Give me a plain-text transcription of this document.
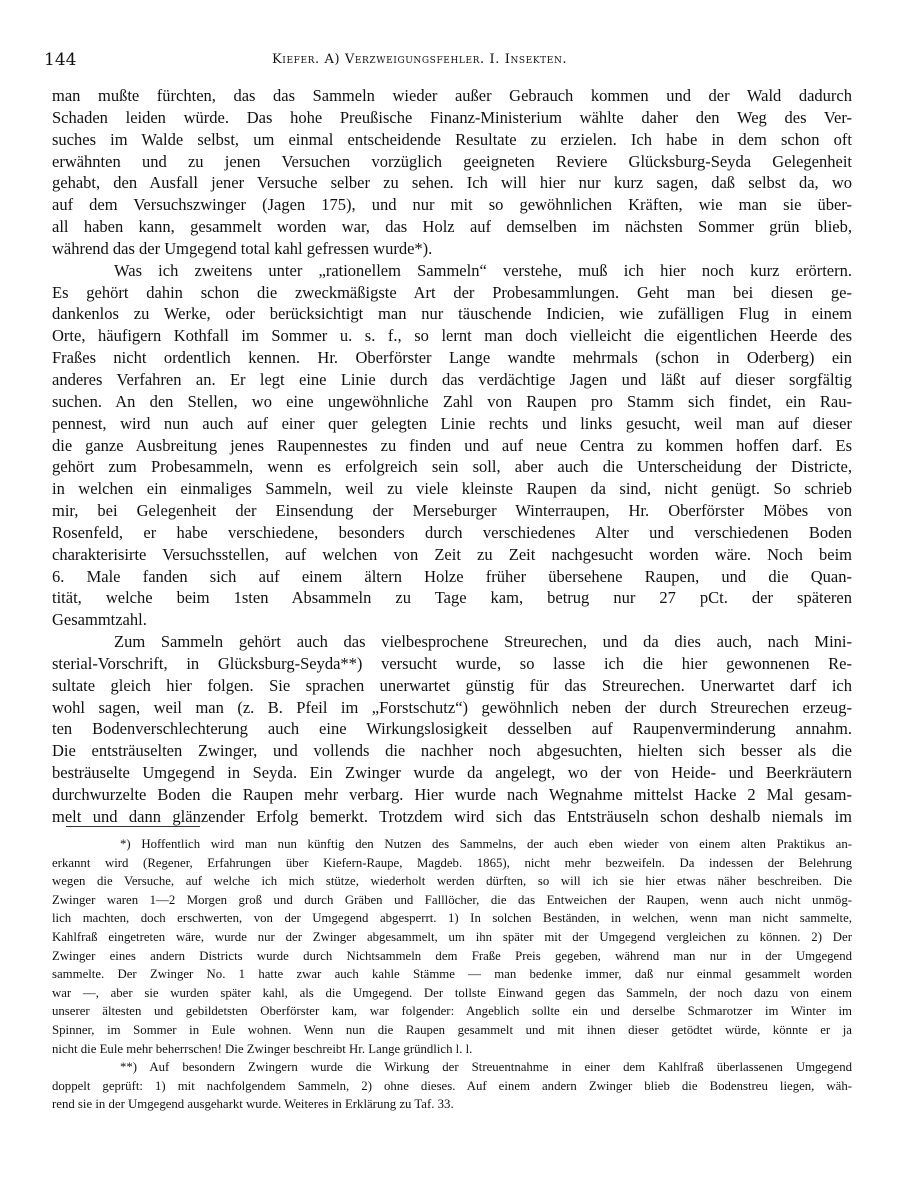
144	Kiefer. A) Verzweigungsfehler. I. Insekten.
man mußte fürchten, das das Sammeln wieder außer Gebrauch kommen und der Wald dadurch
Schaden leiden würde. Das hohe Preußische Finanz-Ministerium wählte daher den Weg des Ver-
suches im Walde selbst, um einmal entscheidende Resultate zu erzielen. Ich habe in dem schon oft
erwähnten und zu jenen Versuchen vorzüglich geeigneten Reviere Glücksburg-Seyda Gelegenheit
gehabt, den Ausfall jener Versuche selber zu sehen. Ich will hier nur kurz sagen, daß selbst da, wo
auf dem Versuchszwinger (Jagen 175), und nur mit so gewöhnlichen Kräften, wie man sie über-
all haben kann, gesammelt worden war, das Holz auf demselben im nächsten Sommer grün blieb,
während das der Umgegend total kahl gefressen wurde*).
Was ich zweitens unter „rationellem Sammeln“ verstehe, muß ich hier noch kurz erörtern.
Es gehört dahin schon die zweckmäßigste Art der Probesammlungen. Geht man bei diesen ge-
dankenlos zu Werke, oder berücksichtigt man nur täuschende Indicien, wie zufälligen Flug in einem
Orte, häufigern Kothfall im Sommer u. s. f., so lernt man doch vielleicht die eigentlichen Heerde des
Fraßes nicht ordentlich kennen. Hr. Oberförster Lange wandte mehrmals (schon in Oderberg) ein
anderes Verfahren an. Er legt eine Linie durch das verdächtige Jagen und läßt auf dieser sorgfältig
suchen. An den Stellen, wo eine ungewöhnliche Zahl von Raupen pro Stamm sich findet, ein Rau-
pennest, wird nun auch auf einer quer gelegten Linie rechts und links gesucht, weil man auf dieser
die ganze Ausbreitung jenes Raupennestes zu finden und auf neue Centra zu kommen hoffen darf. Es
gehört zum Probesammeln, wenn es erfolgreich sein soll, aber auch die Unterscheidung der Districte,
in welchen ein einmaliges Sammeln, weil zu viele kleinste Raupen da sind, nicht genügt. So schrieb
mir, bei Gelegenheit der Einsendung der Merseburger Winterraupen, Hr. Oberförster Möbes von
Rosenfeld, er habe verschiedene, besonders durch verschiedenes Alter und verschiedenen Boden
charakterisirte Versuchsstellen, auf welchen von Zeit zu Zeit nachgesucht worden wäre. Noch beim
6. Male fanden sich auf einem ältern Holze früher übersehene Raupen, und die Quan-
tität, welche beim 1sten Absammeln zu Tage kam, betrug nur 27 pCt. der späteren
Gesammtzahl.
Zum Sammeln gehört auch das vielbesprochene Streurechen, und da dies auch, nach Mini-
sterial-Vorschrift, in Glücksburg-Seyda**) versucht wurde, so lasse ich die hier gewonnenen Re-
sultate gleich hier folgen. Sie sprachen unerwartet günstig für das Streurechen. Unerwartet darf ich
wohl sagen, weil man (z. B. Pfeil im „Forstschutz“) gewöhnlich neben der durch Streurechen erzeug-
ten Bodenverschlechterung auch eine Wirkungslosigkeit desselben auf Raupenverminderung annahm.
Die entsträuselten Zwinger, und vollends die nachher noch abgesuchten, hielten sich besser als die
besträuselte Umgegend in Seyda. Ein Zwinger wurde da angelegt, wo der von Heide- und Beerkräutern
durchwurzelte Boden die Raupen mehr verbarg. Hier wurde nach Wegnahme mittelst Hacke 2 Mal gesam-
melt und dann glänzender Erfolg bemerkt. Trotzdem wird sich das Entsträuseln schon deshalb niemals im
*) Hoffentlich wird man nun künftig den Nutzen des Sammelns, der auch eben wieder von einem alten Praktikus an-
erkannt wird (Regener, Erfahrungen über Kiefern-Raupe, Magdeb. 1865), nicht mehr bezweifeln. Da indessen der Belehrung
wegen die Versuche, auf welche ich mich stütze, wiederholt werden dürften, so will ich sie hier etwas näher beschreiben. Die
Zwinger waren 1—2 Morgen groß und durch Gräben und Falllöcher, die das Entweichen der Raupen, wenn auch nicht unmög-
lich machten, doch erschwerten, von der Umgegend abgesperrt. 1) In solchen Beständen, in welchen, wenn man nicht sammelte,
Kahlfraß eingetreten wäre, wurde nur der Zwinger abgesammelt, um ihn später mit der Umgegend vergleichen zu können. 2) Der
Zwinger eines andern Districts wurde durch Nichtsammeln dem Fraße Preis gegeben, während man nur in der Umgegend
sammelte. Der Zwinger No. 1 hatte zwar auch kahle Stämme — man bedenke immer, daß nur einmal gesammelt worden
war —, aber sie wurden später kahl, als die Umgegend. Der tollste Einwand gegen das Sammeln, der noch dazu von einem
unserer ältesten und gebildetsten Oberförster kam, war folgender: Angeblich sollte ein und derselbe Schmarotzer im Winter im
Spinner, im Sommer in Eule wohnen. Wenn nun die Raupen gesammelt und mit ihnen dieser getödtet würde, könnte er ja
nicht die Eule mehr beherrschen! Die Zwinger beschreibt Hr. Lange gründlich l. l.
**) Auf besondern Zwingern wurde die Wirkung der Streuentnahme in einer dem Kahlfraß überlassenen Umgegend
doppelt geprüft: 1) mit nachfolgendem Sammeln, 2) ohne dieses. Auf einem andern Zwinger blieb die Bodenstreu liegen, wäh-
rend sie in der Umgegend ausgeharkt wurde. Weiteres in Erklärung zu Taf. 33.
